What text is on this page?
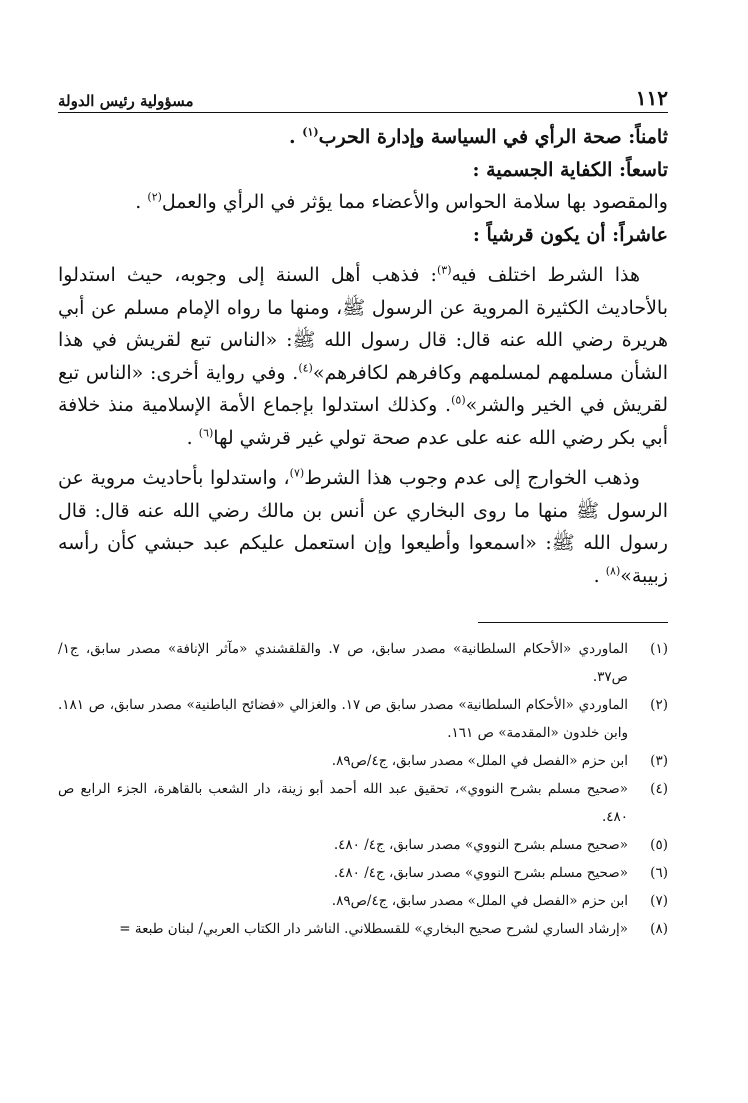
١١٢
مسؤولية رئيس الدولة

ثامناً: صحة الرأي في السياسة وإدارة الحرب$^{(١)}$ .

تاسعاً: الكفاية الجسمية :

والمقصود بها سلامة الحواس والأعضاء مما يؤثر في الرأي والعمل$^{(٢)}$ .

عاشراً: أن يكون قرشياً :

هذا الشرط اختلف فيه$^{(٣)}$: فذهب أهل السنة إلى وجوبه، حيث استدلوا بالأحاديث الكثيرة المروية عن الرسول ﷺ، ومنها ما رواه الإمام مسلم عن أبي هريرة رضي الله عنه قال: قال رسول الله ﷺ: «الناس تبع لقريش في هذا الشأن مسلمهم لمسلمهم وكافرهم لكافرهم»$^{(٤)}$. وفي رواية أخرى: «الناس تبع لقريش في الخير والشر»$^{(٥)}$. وكذلك استدلوا بإجماع الأمة الإسلامية منذ خلافة أبي بكر رضي الله عنه على عدم صحة تولي غير قرشي لها$^{(٦)}$ .

وذهب الخوارج إلى عدم وجوب هذا الشرط$^{(٧)}$، واستدلوا بأحاديث مروية عن الرسول ﷺ منها ما روى البخاري عن أنس بن مالك رضي الله عنه قال: قال رسول الله ﷺ: «اسمعوا وأطيعوا وإن استعمل عليكم عبد حبشي كأن رأسه زبيبة»$^{(٨)}$ .

(١)
الماوردي «الأحكام السلطانية» مصدر سابق، ص ٧. والقلقشندي «مآثر الإنافة» مصدر سابق، ج١/ ص٣٧.
(٢)
الماوردي «الأحكام السلطانية» مصدر سابق ص ١٧. والغزالي «فضائح الباطنية» مصدر سابق، ص ١٨١. وابن خلدون «المقدمة» ص ١٦١.
(٣)
ابن حزم «الفصل في الملل» مصدر سابق، ج٤/ص٨٩.
(٤)
«صحيح مسلم بشرح النووي»، تحقيق عبد الله أحمد أبو زينة، دار الشعب بالقاهرة، الجزء الرابع ص ٤٨٠.
(٥)
«صحيح مسلم بشرح النووي» مصدر سابق، ج٤/ ٤٨٠.
(٦)
«صحيح مسلم بشرح النووي» مصدر سابق، ج٤/ ٤٨٠.
(٧)
ابن حزم «الفصل في الملل» مصدر سابق، ج٤/ص٨٩.
(٨)
«إرشاد الساري لشرح صحيح البخاري» للقسطلاني. الناشر دار الكتاب العربي/ لبنان طبعة =
